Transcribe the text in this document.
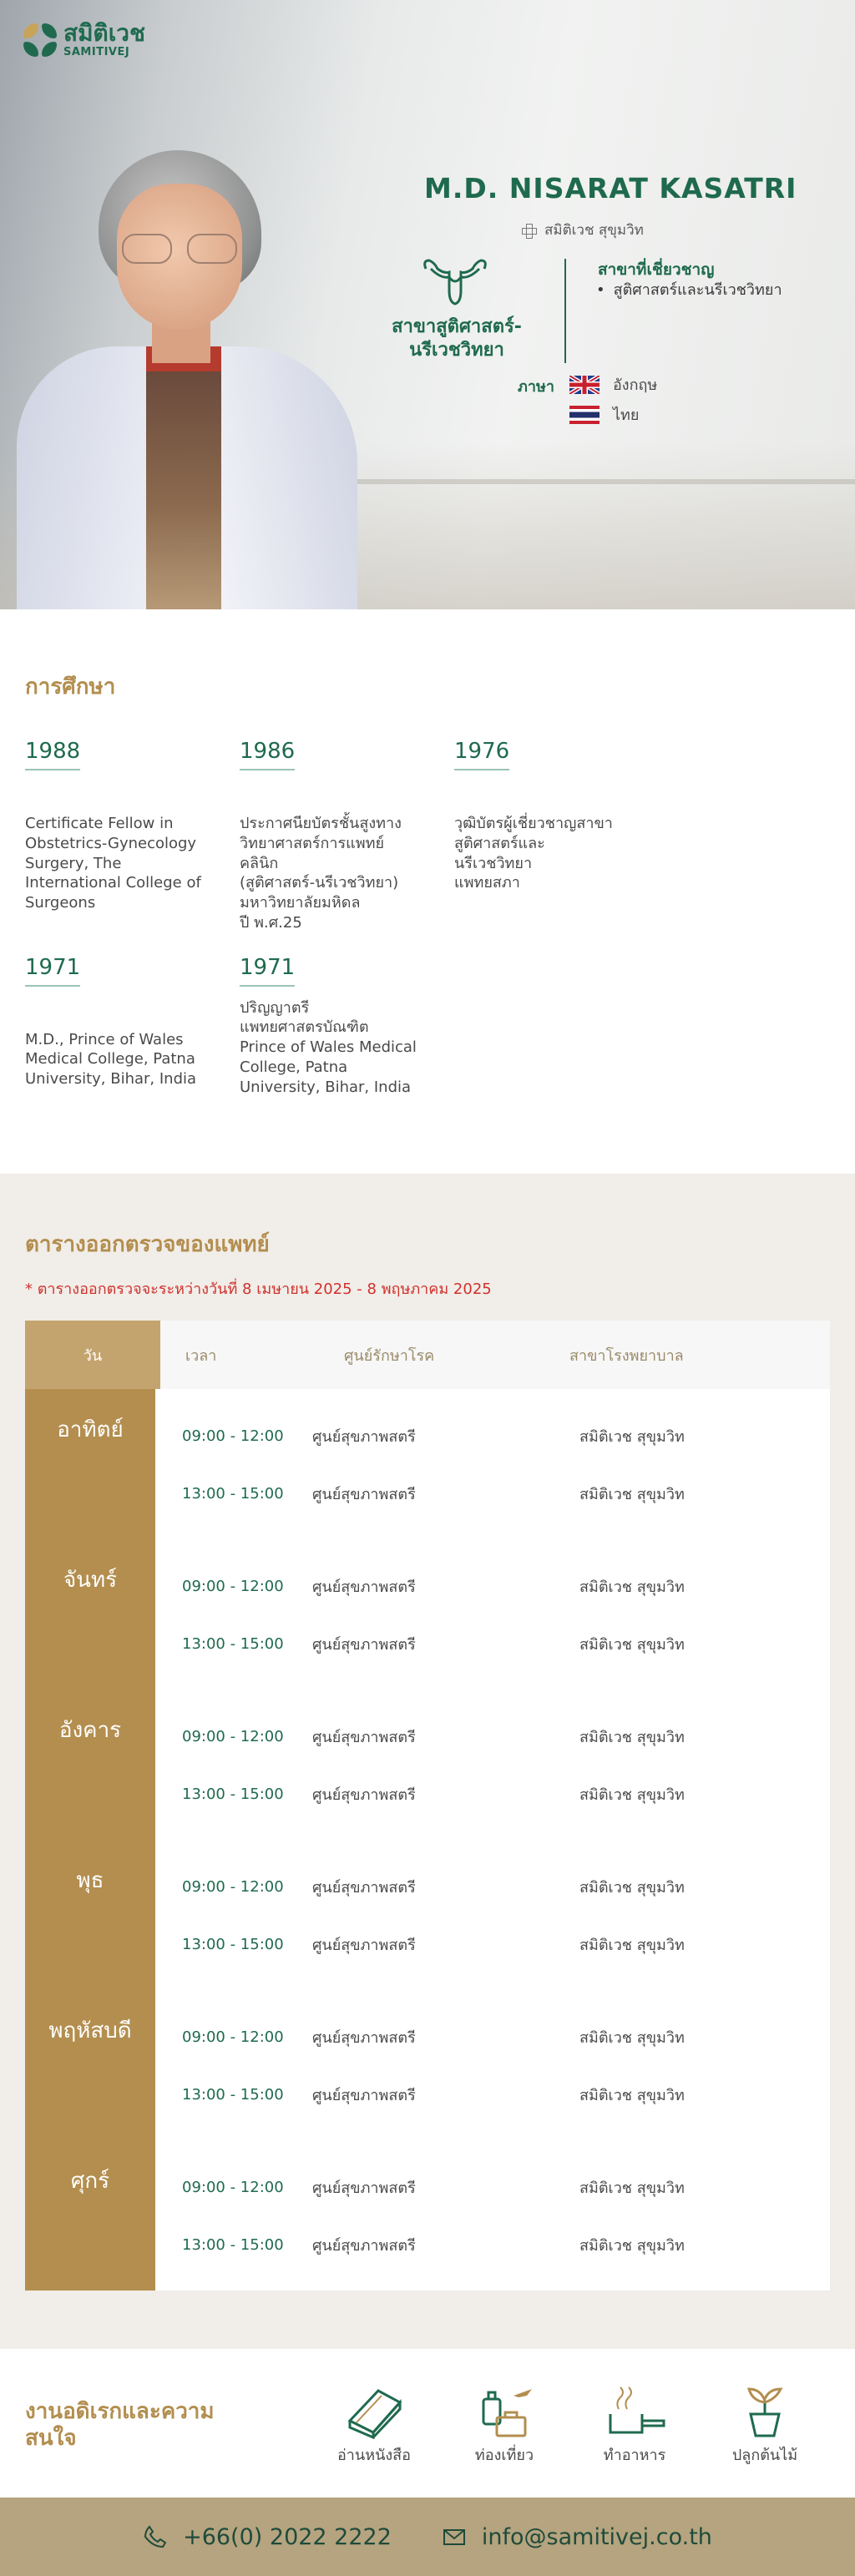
สมิติเวช
SAMITIVEJ
M.D. NISARAT KASATRI
สมิติเวช สุขุมวิท
สาขาสูติศาสตร์-
นรีเวชวิทยา
สาขาที่เชี่ยวชาญ
• สูติศาสตร์และนรีเวชวิทยา
ภาษา	อังกฤษ
ไทย
การศึกษา
1988
Certificate Fellow in
Obstetrics-Gynecology
Surgery, The
International College of
Surgeons
1986
ประกาศนียบัตรชั้นสูงทาง
วิทยาศาสตร์การแพทย์
คลินิก
(สูติศาสตร์-นรีเวชวิทยา)
มหาวิทยาลัยมหิดล
ปี พ.ศ.25
1976
วุฒิบัตรผู้เชี่ยวชาญสาขา
สูติศาสตร์และนรีเวชวิทยา
แพทยสภา
1971
M.D., Prince of Wales
Medical College, Patna
University, Bihar, India
1971
ปริญญาตรี
แพทยศาสตรบัณฑิต
Prince of Wales Medical
College, Patna
University, Bihar, India
ตารางออกตรวจของแพทย์

* ตารางออกตรวจจะระหว่างวันที่ 8 เมษายน 2025 - 8 พฤษภาคม 2025

วัน	เวลา	ศูนย์รักษาโรค	สาขาโรงพยาบาล
อาทิตย์	09:00 - 12:00	ศูนย์สุขภาพสตรี	สมิติเวช สุขุมวิท
13:00 - 15:00	ศูนย์สุขภาพสตรี	สมิติเวช สุขุมวิท
จันทร์	09:00 - 12:00	ศูนย์สุขภาพสตรี	สมิติเวช สุขุมวิท
13:00 - 15:00	ศูนย์สุขภาพสตรี	สมิติเวช สุขุมวิท
อังคาร	09:00 - 12:00	ศูนย์สุขภาพสตรี	สมิติเวช สุขุมวิท
13:00 - 15:00	ศูนย์สุขภาพสตรี	สมิติเวช สุขุมวิท
พุธ	09:00 - 12:00	ศูนย์สุขภาพสตรี	สมิติเวช สุขุมวิท
13:00 - 15:00	ศูนย์สุขภาพสตรี	สมิติเวช สุขุมวิท
พฤหัสบดี	09:00 - 12:00	ศูนย์สุขภาพสตรี	สมิติเวช สุขุมวิท
13:00 - 15:00	ศูนย์สุขภาพสตรี	สมิติเวช สุขุมวิท
ศุกร์	09:00 - 12:00	ศูนย์สุขภาพสตรี	สมิติเวช สุขุมวิท
13:00 - 15:00	ศูนย์สุขภาพสตรี	สมิติเวช สุขุมวิท
งานอดิเรกและความ
สนใจ
อ่านหนังสือ	ท่องเที่ยว	ทำอาหาร	ปลูกต้นไม้
+66(0) 2022 2222	info@samitivej.co.th
